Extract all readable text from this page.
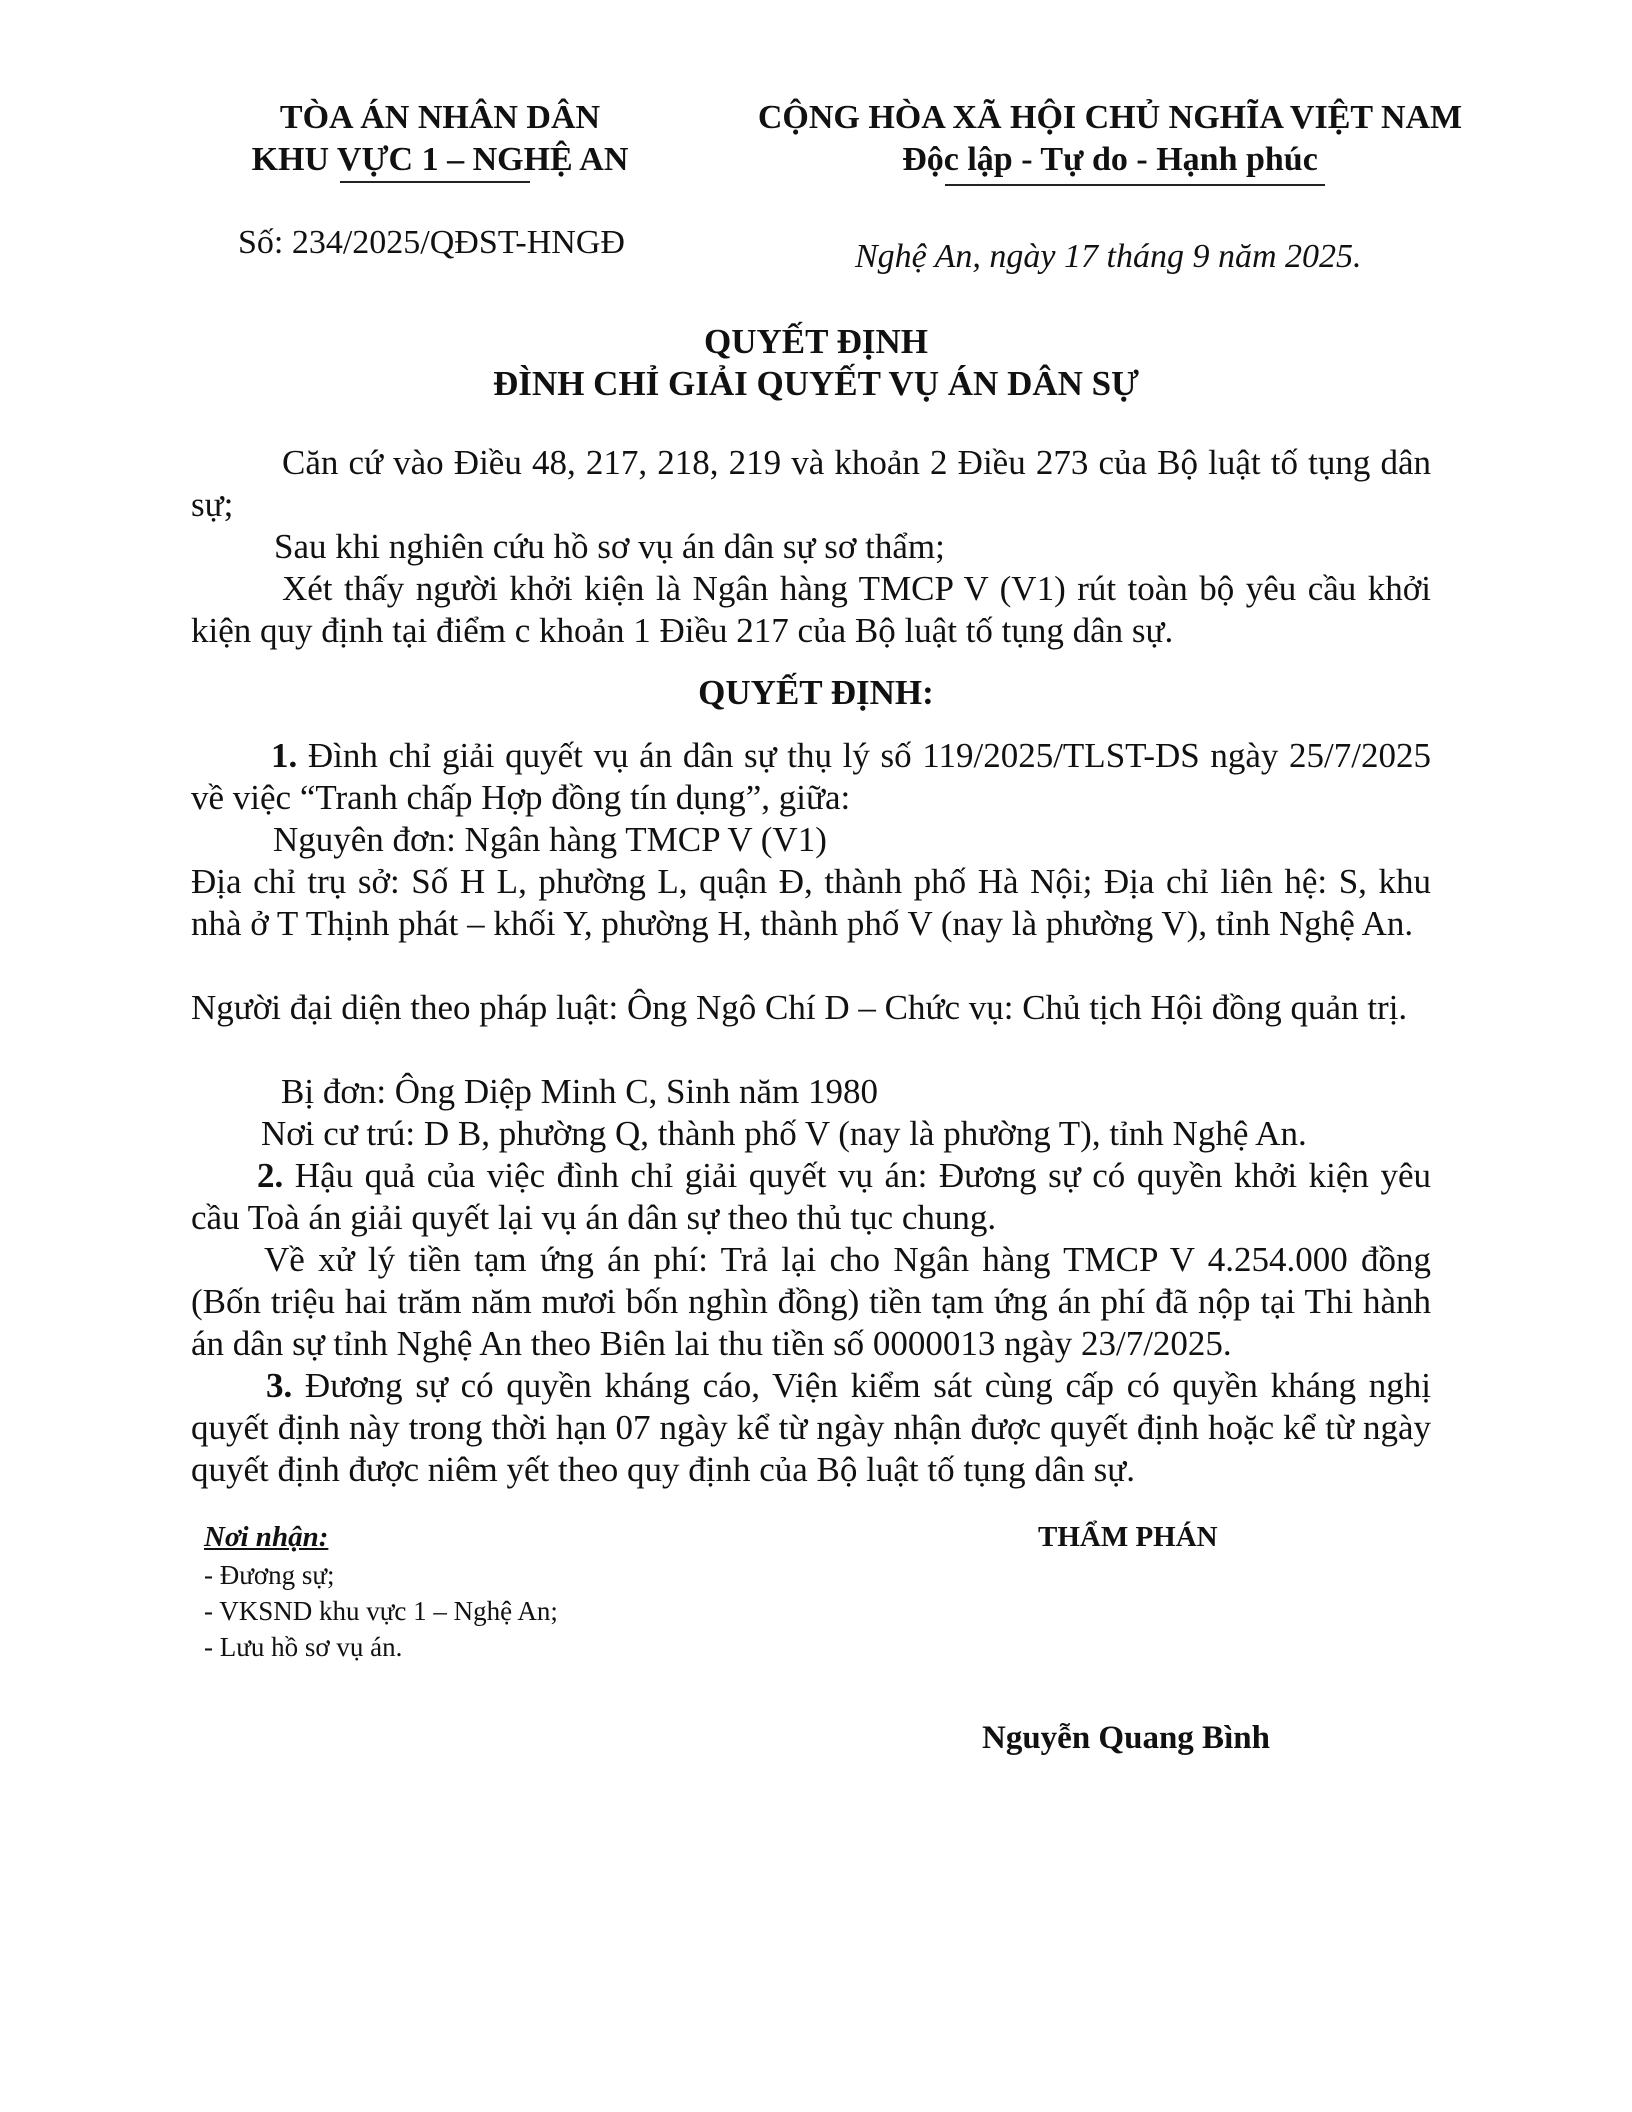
TÒA ÁN NHÂN DÂN
KHU VỰC 1 – NGHỆ AN
CỘNG HÒA XÃ HỘI CHỦ NGHĨA VIỆT NAM
Độc lập - Tự do - Hạnh phúc
Số: 234/2025/QĐST-HNGĐ	Nghệ An, ngày 17 tháng 9 năm 2025.
QUYẾT ĐỊNH
ĐÌNH CHỈ GIẢI QUYẾT VỤ ÁN DÂN SỰ
Căn cứ vào Điều 48, 217, 218, 219 và khoản 2 Điều 273 của Bộ luật tố tụng dân sự;
Sau khi nghiên cứu hồ sơ vụ án dân sự sơ thẩm;
Xét thấy người khởi kiện là Ngân hàng TMCP V (V1) rút toàn bộ yêu cầu khởi kiện quy định tại điểm c khoản 1 Điều 217 của Bộ luật tố tụng dân sự.
QUYẾT ĐỊNH:
1. Đình chỉ giải quyết vụ án dân sự thụ lý số 119/2025/TLST-DS ngày 25/7/2025 về việc “Tranh chấp Hợp đồng tín dụng”, giữa:
Nguyên đơn: Ngân hàng TMCP V (V1)
Địa chỉ trụ sở: Số H L, phường L, quận Đ, thành phố Hà Nội; Địa chỉ liên hệ: S, khu nhà ở T Thịnh phát – khối Y, phường H, thành phố V (nay là phường V), tỉnh Nghệ An.
Người đại diện theo pháp luật: Ông Ngô Chí D – Chức vụ: Chủ tịch Hội đồng quản trị.
Bị đơn: Ông Diệp Minh C, Sinh năm 1980
Nơi cư trú: D B, phường Q, thành phố V (nay là phường T), tỉnh Nghệ An.
2. Hậu quả của việc đình chỉ giải quyết vụ án: Đương sự có quyền khởi kiện yêu cầu Toà án giải quyết lại vụ án dân sự theo thủ tục chung.
Về xử lý tiền tạm ứng án phí: Trả lại cho Ngân hàng TMCP V 4.254.000 đồng (Bốn triệu hai trăm năm mươi bốn nghìn đồng) tiền tạm ứng án phí đã nộp tại Thi hành án dân sự tỉnh Nghệ An theo Biên lai thu tiền số 0000013 ngày 23/7/2025.
3. Đương sự có quyền kháng cáo, Viện kiểm sát cùng cấp có quyền kháng nghị quyết định này trong thời hạn 07 ngày kể từ ngày nhận được quyết định hoặc kể từ ngày quyết định được niêm yết theo quy định của Bộ luật tố tụng dân sự.
Nơi nhận:
- Đương sự;
- VKSND khu vực 1 – Nghệ An;
- Lưu hồ sơ vụ án.
THẨM PHÁN
Nguyễn Quang Bình
